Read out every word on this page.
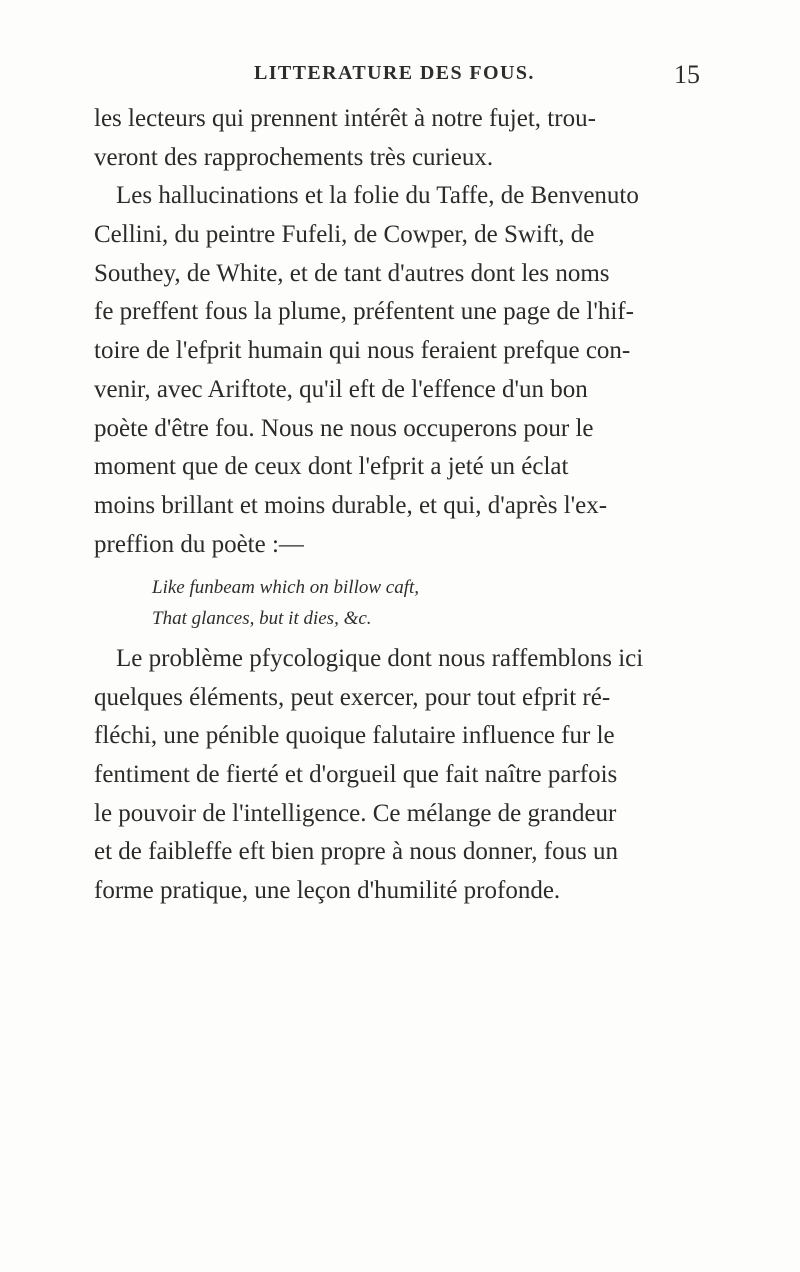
LITTERATURE DES FOUS.	15
les lecteurs qui prennent intérêt à notre fujet, trou-
veront des rapprochements très curieux.
Les hallucinations et la folie du Taffe, de Benvenuto
Cellini, du peintre Fufeli, de Cowper, de Swift, de
Southey, de White, et de tant d'autres dont les noms
fe preffent fous la plume, préfentent une page de l'hif-
toire de l'efprit humain qui nous feraient prefque con-
venir, avec Ariftote, qu'il eft de l'effence d'un bon
poète d'être fou. Nous ne nous occuperons pour le
moment que de ceux dont l'efprit a jeté un éclat
moins brillant et moins durable, et qui, d'après l'ex-
preffion du poète :—
Like funbeam which on billow caft,
That glances, but it dies, &c.
Le problème pfycologique dont nous raffemblons ici
quelques éléments, peut exercer, pour tout efprit ré-
fléchi, une pénible quoique falutaire influence fur le
fentiment de fierté et d'orgueil que fait naître parfois
le pouvoir de l'intelligence. Ce mélange de grandeur
et de faibleffe eft bien propre à nous donner, fous un
forme pratique, une leçon d'humilité profonde.
